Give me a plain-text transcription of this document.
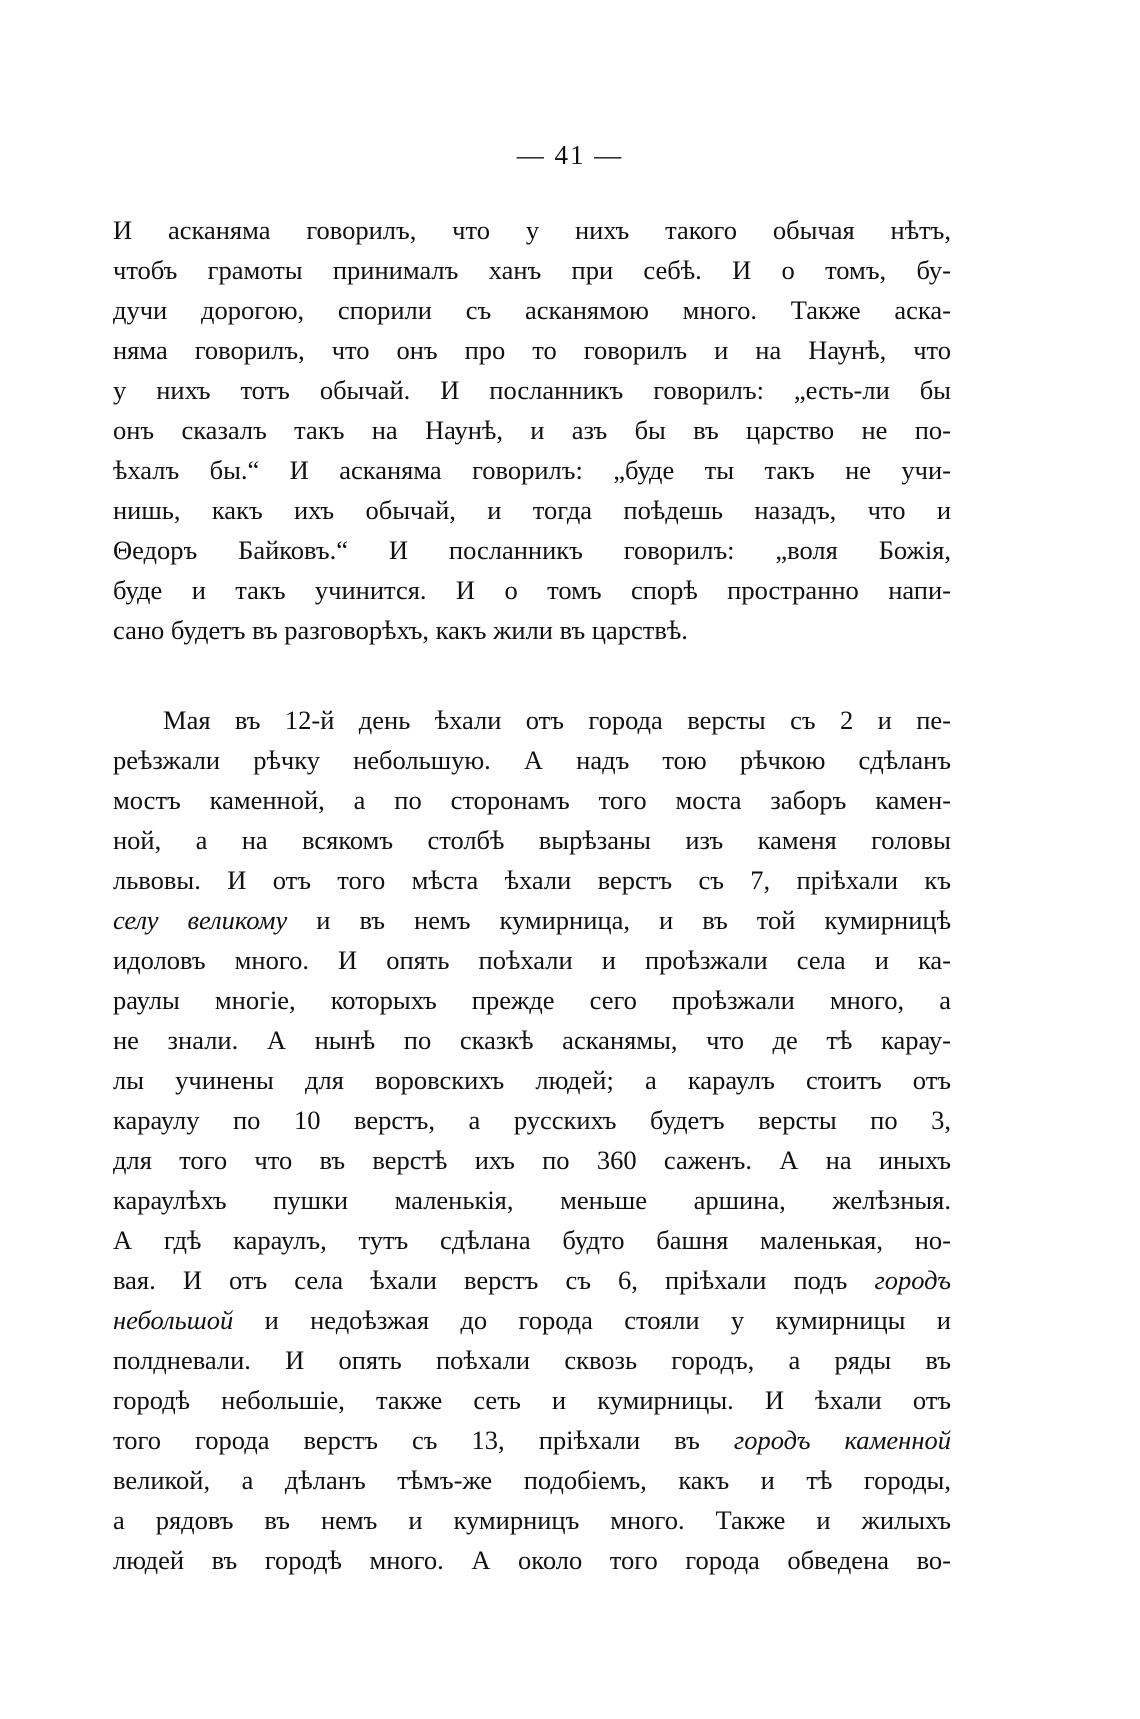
— 41 —
И асканяма говорилъ, что у нихъ такого обычая нѣтъ,
чтобъ грамоты принималъ ханъ при себѣ. И о томъ, бу-
дучи дорогою, спорили съ асканямою много. Также аска-
няма говорилъ, что онъ про то говорилъ и на Наунѣ, что
у нихъ тотъ обычай. И посланникъ говорилъ: „есть-ли бы
онъ сказалъ такъ на Наунѣ, и азъ бы въ царство не по-
ѣхалъ бы.“ И асканяма говорилъ: „буде ты такъ не учи-
нишь, какъ ихъ обычай, и тогда поѣдешь назадъ, что и
Θедоръ Байковъ.“ И посланникъ говорилъ: „воля Божія,
буде и такъ учинится. И о томъ спорѣ пространно напи-
сано будетъ въ разговорѣхъ, какъ жили въ царствѣ.
Мая въ 12-й день ѣхали отъ города версты съ 2 и пе-
реѣзжали рѣчку небольшую. А надъ тою рѣчкою сдѣланъ
мостъ каменной, а по сторонамъ того моста заборъ камен-
ной, а на всякомъ столбѣ вырѣзаны изъ каменя головы
львовы. И отъ того мѣста ѣхали верстъ съ 7, пріѣхали къ
селу великому и въ немъ кумирница, и въ той кумирницѣ
идоловъ много. И опять поѣхали и проѣзжали села и ка-
раулы многіе, которыхъ прежде сего проѣзжали много, а
не знали. А нынѣ по сказкѣ асканямы, что де тѣ карау-
лы учинены для воровскихъ людей; а караулъ стоитъ отъ
караулу по 10 верстъ, а русскихъ будетъ версты по 3,
для того что въ верстѣ ихъ по 360 саженъ. А на иныхъ
караулѣхъ пушки маленькія, меньше аршина, желѣзныя.
А гдѣ караулъ, тутъ сдѣлана будто башня маленькая, но-
вая. И отъ села ѣхали верстъ съ 6, пріѣхали подъ городъ
небольшой и недоѣзжая до города стояли у кумирницы и
полдневали. И опять поѣхали сквозь городъ, а ряды въ
городѣ небольшіе, также сеть и кумирницы. И ѣхали отъ
того города верстъ съ 13, пріѣхали въ городъ каменной
великой, а дѣланъ тѣмъ-же подобіемъ, какъ и тѣ городы,
а рядовъ въ немъ и кумирницъ много. Также и жилыхъ
людей въ городѣ много. А около того города обведена во-
